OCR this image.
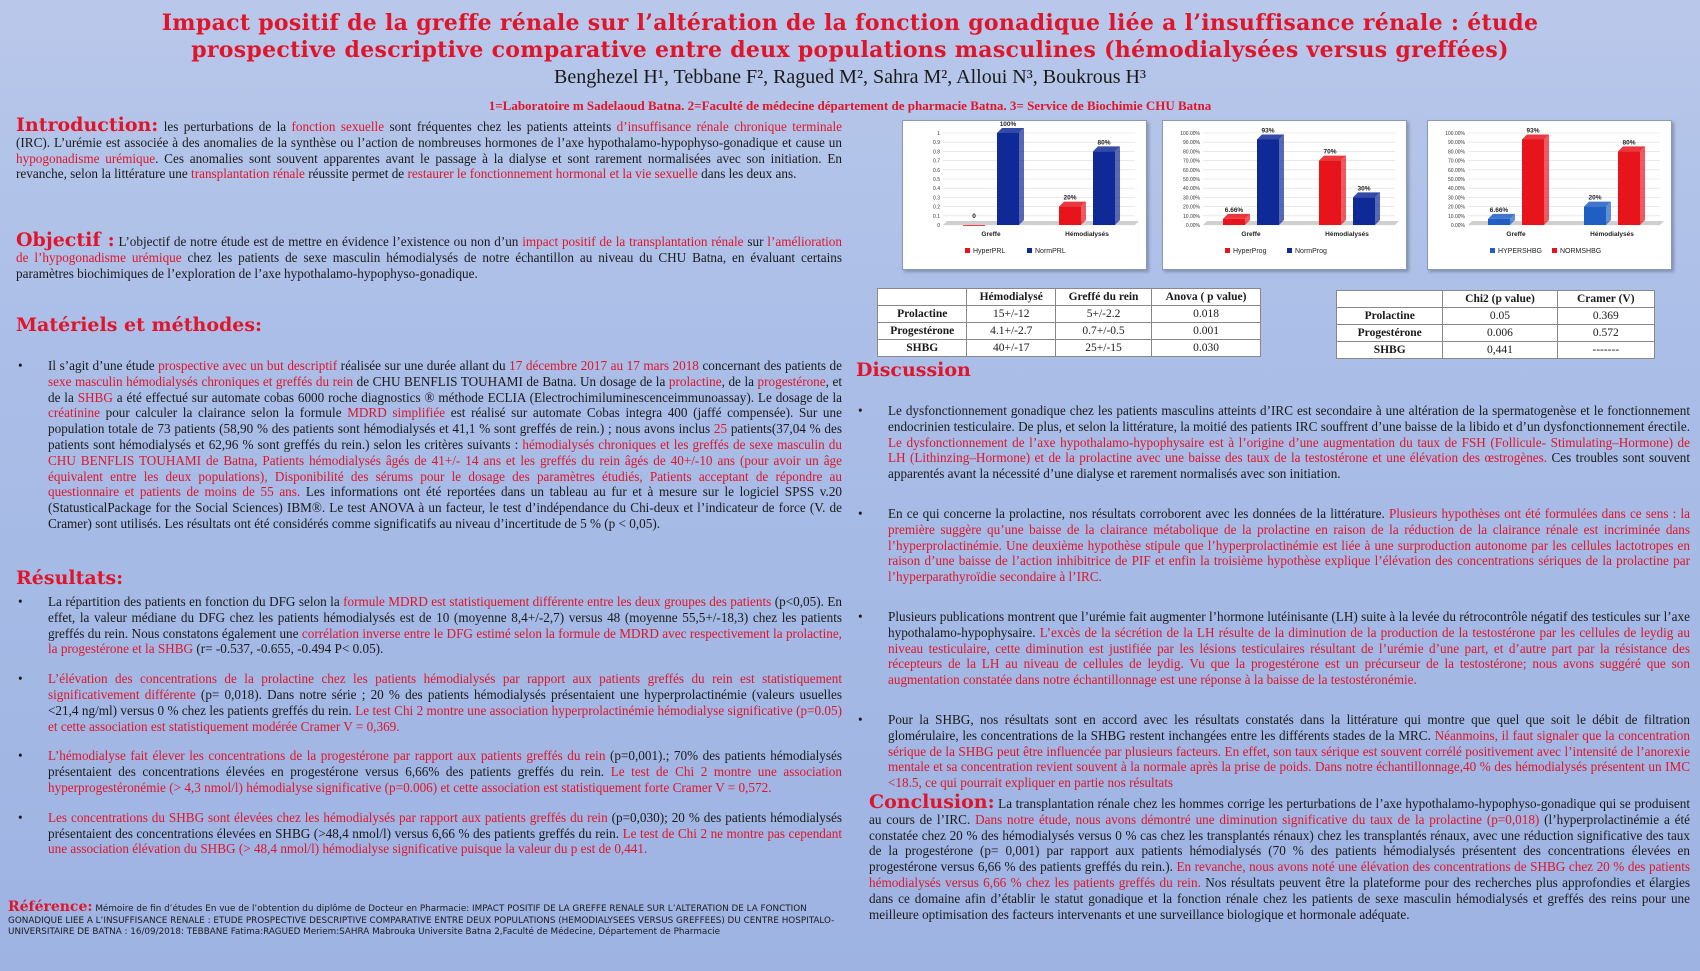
Impact positif de la greffe rénale sur l’altération de la fonction gonadique liée a l’insuffisance rénale : étude
prospective descriptive comparative entre deux populations masculines (hémodialysées versus greffées)
Benghezel H¹, Tebbane F², Ragued M², Sahra M², Alloui N³, Boukrous H³
1=Laboratoire m Sadelaoud Batna. 2=Faculté de médecine département de pharmacie Batna. 3= Service de Biochimie CHU Batna
Introduction: les perturbations de la fonction sexuelle sont fréquentes chez les patients atteints d’insuffisance rénale chronique terminale (IRC). L’urémie est associée à des anomalies de la synthèse ou l’action de nombreuses hormones de l’axe hypothalamo-hypophyso-gonadique et cause un hypogonadisme urémique. Ces anomalies sont souvent apparentes avant le passage à la dialyse et sont rarement normalisées avec son initiation. En revanche, selon la littérature une transplantation rénale réussite permet de restaurer le fonctionnement hormonal et la vie sexuelle dans les deux ans.
Objectif : L’objectif de notre étude est de mettre en évidence l’existence ou non d’un impact positif de la transplantation rénale sur l’amélioration de l’hypogonadisme urémique chez les patients de sexe masculin hémodialysés de notre échantillon au niveau du CHU Batna, en évaluant certains paramètres biochimiques de l’exploration de l’axe hypothalamo-hypophyso-gonadique.
Matériels et méthodes:
• Il s’agit d’une étude prospective avec un but descriptif réalisée sur une durée allant du 17 décembre 2017 au 17 mars 2018 concernant des patients de sexe masculin hémodialysés chroniques et greffés du rein de CHU BENFLIS TOUHAMI de Batna. Un dosage de la prolactine, de la progestérone, et de la SHBG a été effectué sur automate cobas 6000 roche diagnostics ® méthode ECLIA (Electrochimiluminescenceimmunoassay). Le dosage de la créatinine pour calculer la clairance selon la formule MDRD simplifiée est réalisé sur automate Cobas integra 400 (jaffé compensée). Sur une population totale de 73 patients (58,90 % des patients sont hémodialysés et 41,1 % sont greffés de rein.) ; nous avons inclus 25 patients(37,04 % des patients sont hémodialysés et 62,96 % sont greffés du rein.) selon les critères suivants : hémodialysés chroniques et les greffés de sexe masculin du CHU BENFLIS TOUHAMI de Batna, Patients hémodialysés âgés de 41+/- 14 ans et les greffés du rein âgés de 40+/-10 ans (pour avoir un âge équivalent entre les deux populations), Disponibilité des sérums pour le dosage des paramètres étudiés, Patients acceptant de répondre au questionnaire et patients de moins de 55 ans. Les informations ont été reportées dans un tableau au fur et à mesure sur le logiciel SPSS v.20 (StatusticalPackage for the Social Sciences) IBM®. Le test ANOVA à un facteur, le test d’indépendance du Chi-deux et l’indicateur de force (V. de Cramer) sont utilisés. Les résultats ont été considérés comme significatifs au niveau d’incertitude de 5 % (p < 0,05).
Résultats:
• La répartition des patients en fonction du DFG selon la formule MDRD est statistiquement différente entre les deux groupes des patients (p<0,05). En effet, la valeur médiane du DFG chez les patients hémodialysés est de 10 (moyenne 8,4+/-2,7) versus 48 (moyenne 55,5+/-18,3) chez les patients greffés du rein. Nous constatons également une corrélation inverse entre le DFG estimé selon la formule de MDRD avec respectivement la prolactine, la progestérone et la SHBG (r= -0.537, -0.655, -0.494 P< 0.05).
• L’élévation des concentrations de la prolactine chez les patients hémodialysés par rapport aux patients greffés du rein est statistiquement significativement différente (p= 0,018). Dans notre série ; 20 % des patients hémodialysés présentaient une hyperprolactinémie (valeurs usuelles <21,4 ng/ml) versus 0 % chez les patients greffés du rein. Le test Chi 2 montre une association hyperprolactinémie hémodialyse significative (p=0.05) et cette association est statistiquement modérée Cramer V = 0,369.
• L’hémodialyse fait élever les concentrations de la progestérone par rapport aux patients greffés du rein (p=0,001).; 70% des patients hémodialysés présentaient des concentrations élevées en progestérone versus 6,66% des patients greffés du rein. Le test de Chi 2 montre une association hyperprogestéronémie (> 4,3 nmol/l) hémodialyse significative (p=0.006) et cette association est statistiquement forte Cramer V = 0,572.
• Les concentrations du SHBG sont élevées chez les hémodialysés par rapport aux patients greffés du rein (p=0,030); 20 % des patients hémodialysés présentaient des concentrations élevées en SHBG (>48,4 nmol/l) versus 6,66 % des patients greffés du rein. Le test de Chi 2 ne montre pas cependant une association élévation du SHBG (> 48,4 nmol/l) hémodialyse significative puisque la valeur du p est de 0,441.
Référence: Mémoire de fin d’études En vue de l’obtention du diplôme de Docteur en Pharmacie: IMPACT POSITIF DE LA GREFFE RENALE SUR L’ALTERATION DE LA FONCTION GONADIQUE LIEE A L’INSUFFISANCE RENALE : ETUDE PROSPECTIVE DESCRIPTIVE COMPARATIVE ENTRE DEUX POPULATIONS (HEMODIALYSEES VERSUS GREFFEES) DU CENTRE HOSPITALO-UNIVERSITAIRE DE BATNA : 16/09/2018: TEBBANE Fatima:RAGUED Meriem:SAHRA Mabrouka Universite Batna 2,Faculté de Médecine, Département de Pharmacie
0
0.1
0.2
0.3
0.4
0.5
0.6
0.7
0.8
0.9
1
0
100%
Greffe
20%
80%
Hémodialysés
HyperPRL	NormPRL
0.00%
10.00%
20.00%
30.00%
40.00%
50.00%
60.00%
70.00%
80.00%
90.00%
100.00%
6.66%
93%
Greffe
70%
30%
Hémodialysés
HyperProg	NormProg
0.00%
10.00%
20.00%
30.00%
40.00%
50.00%
60.00%
70.00%
80.00%
90.00%
100.00%
6.66%
93%
Greffe
20%
80%
Hémodialysés
HYPERSHBG	NORMSHBG
	Hémodialysé	Greffé du rein	Anova ( p value)
Prolactine	15+/-12	5+/-2.2	0.018
Progestérone	4.1+/-2.7	0.7+/-0.5	0.001
SHBG	40+/-17	25+/-15	0.030
	Chi2 (p value)	Cramer (V)
Prolactine	0.05	0.369
Progestérone	0.006	0.572
SHBG	0,441	-------
Discussion
• Le dysfonctionnement gonadique chez les patients masculins atteints d’IRC est secondaire à une altération de la spermatogenèse et le fonctionnement endocrinien testiculaire. De plus, et selon la littérature, la moitié des patients IRC souffrent d’une baisse de la libido et d’un dysfonctionnement érectile. Le dysfonctionnement de l’axe hypothalamo-hypophysaire est à l’origine d’une augmentation du taux de FSH (Follicule- Stimulating–Hormone) de LH (Lithinzing–Hormone) et de la prolactine avec une baisse des taux de la testostérone et une élévation des œstrogènes. Ces troubles sont souvent apparentés avant la nécessité d’une dialyse et rarement normalisés avec son initiation.
• En ce qui concerne la prolactine, nos résultats corroborent avec les données de la littérature. Plusieurs hypothèses ont été formulées dans ce sens : la première suggère qu’une baisse de la clairance métabolique de la prolactine en raison de la réduction de la clairance rénale est incriminée dans l’hyperprolactinémie. Une deuxième hypothèse stipule que l’hyperprolactinémie est liée à une surproduction autonome par les cellules lactotropes en raison d’une baisse de l’action inhibitrice de PIF et enfin la troisième hypothèse explique l’élévation des concentrations sériques de la prolactine par l’hyperparathyroïdie secondaire à l’IRC.
• Plusieurs publications montrent que l’urémie fait augmenter l’hormone lutéinisante (LH) suite à la levée du rétrocontrôle négatif des testicules sur l’axe hypothalamo-hypophysaire. L’excès de la sécrétion de la LH résulte de la diminution de la production de la testostérone par les cellules de leydig au niveau testiculaire, cette diminution est justifiée par les lésions testiculaires résultant de l’urémie d’une part, et d’autre part par la résistance des récepteurs de la LH au niveau de cellules de leydig. Vu que la progestérone est un précurseur de la testostérone; nous avons suggéré que son augmentation constatée dans notre échantillonnage est une réponse à la baisse de la testostéronémie.
• Pour la SHBG, nos résultats sont en accord avec les résultats constatés dans la littérature qui montre que quel que soit le débit de filtration glomérulaire, les concentrations de la SHBG restent inchangées entre les différents stades de la MRC. Néanmoins, il faut signaler que la concentration sérique de la SHBG peut être influencée par plusieurs facteurs. En effet, son taux sérique est souvent corrélé positivement avec l’intensité de l’anorexie mentale et sa concentration revient souvent à la normale après la prise de poids. Dans notre échantillonnage,40 % des hémodialysés présentent un IMC <18.5, ce qui pourrait expliquer en partie nos résultats
Conclusion: La transplantation rénale chez les hommes corrige les perturbations de l’axe hypothalamo-hypophyso-gonadique qui se produisent au cours de l’IRC. Dans notre étude, nous avons démontré une diminution significative du taux de la prolactine (p=0,018) (l’hyperprolactinémie a été constatée chez 20 % des hémodialysés versus 0 % cas chez les transplantés rénaux) chez les transplantés rénaux, avec une réduction significative des taux de la progestérone (p= 0,001) par rapport aux patients hémodialysés (70 % des patients hémodialysés présentent des concentrations élevées en progestérone versus 6,66 % des patients greffés du rein.). En revanche, nous avons noté une élévation des concentrations de SHBG chez 20 % des patients hémodialysés versus 6,66 % chez les patients greffés du rein. Nos résultats peuvent être la plateforme pour des recherches plus approfondies et élargies dans ce domaine afin d’établir le statut gonadique et la fonction rénale chez les patients de sexe masculin hémodialysés et greffés des reins pour une meilleure optimisation des facteurs intervenants et une surveillance biologique et hormonale adéquate.
